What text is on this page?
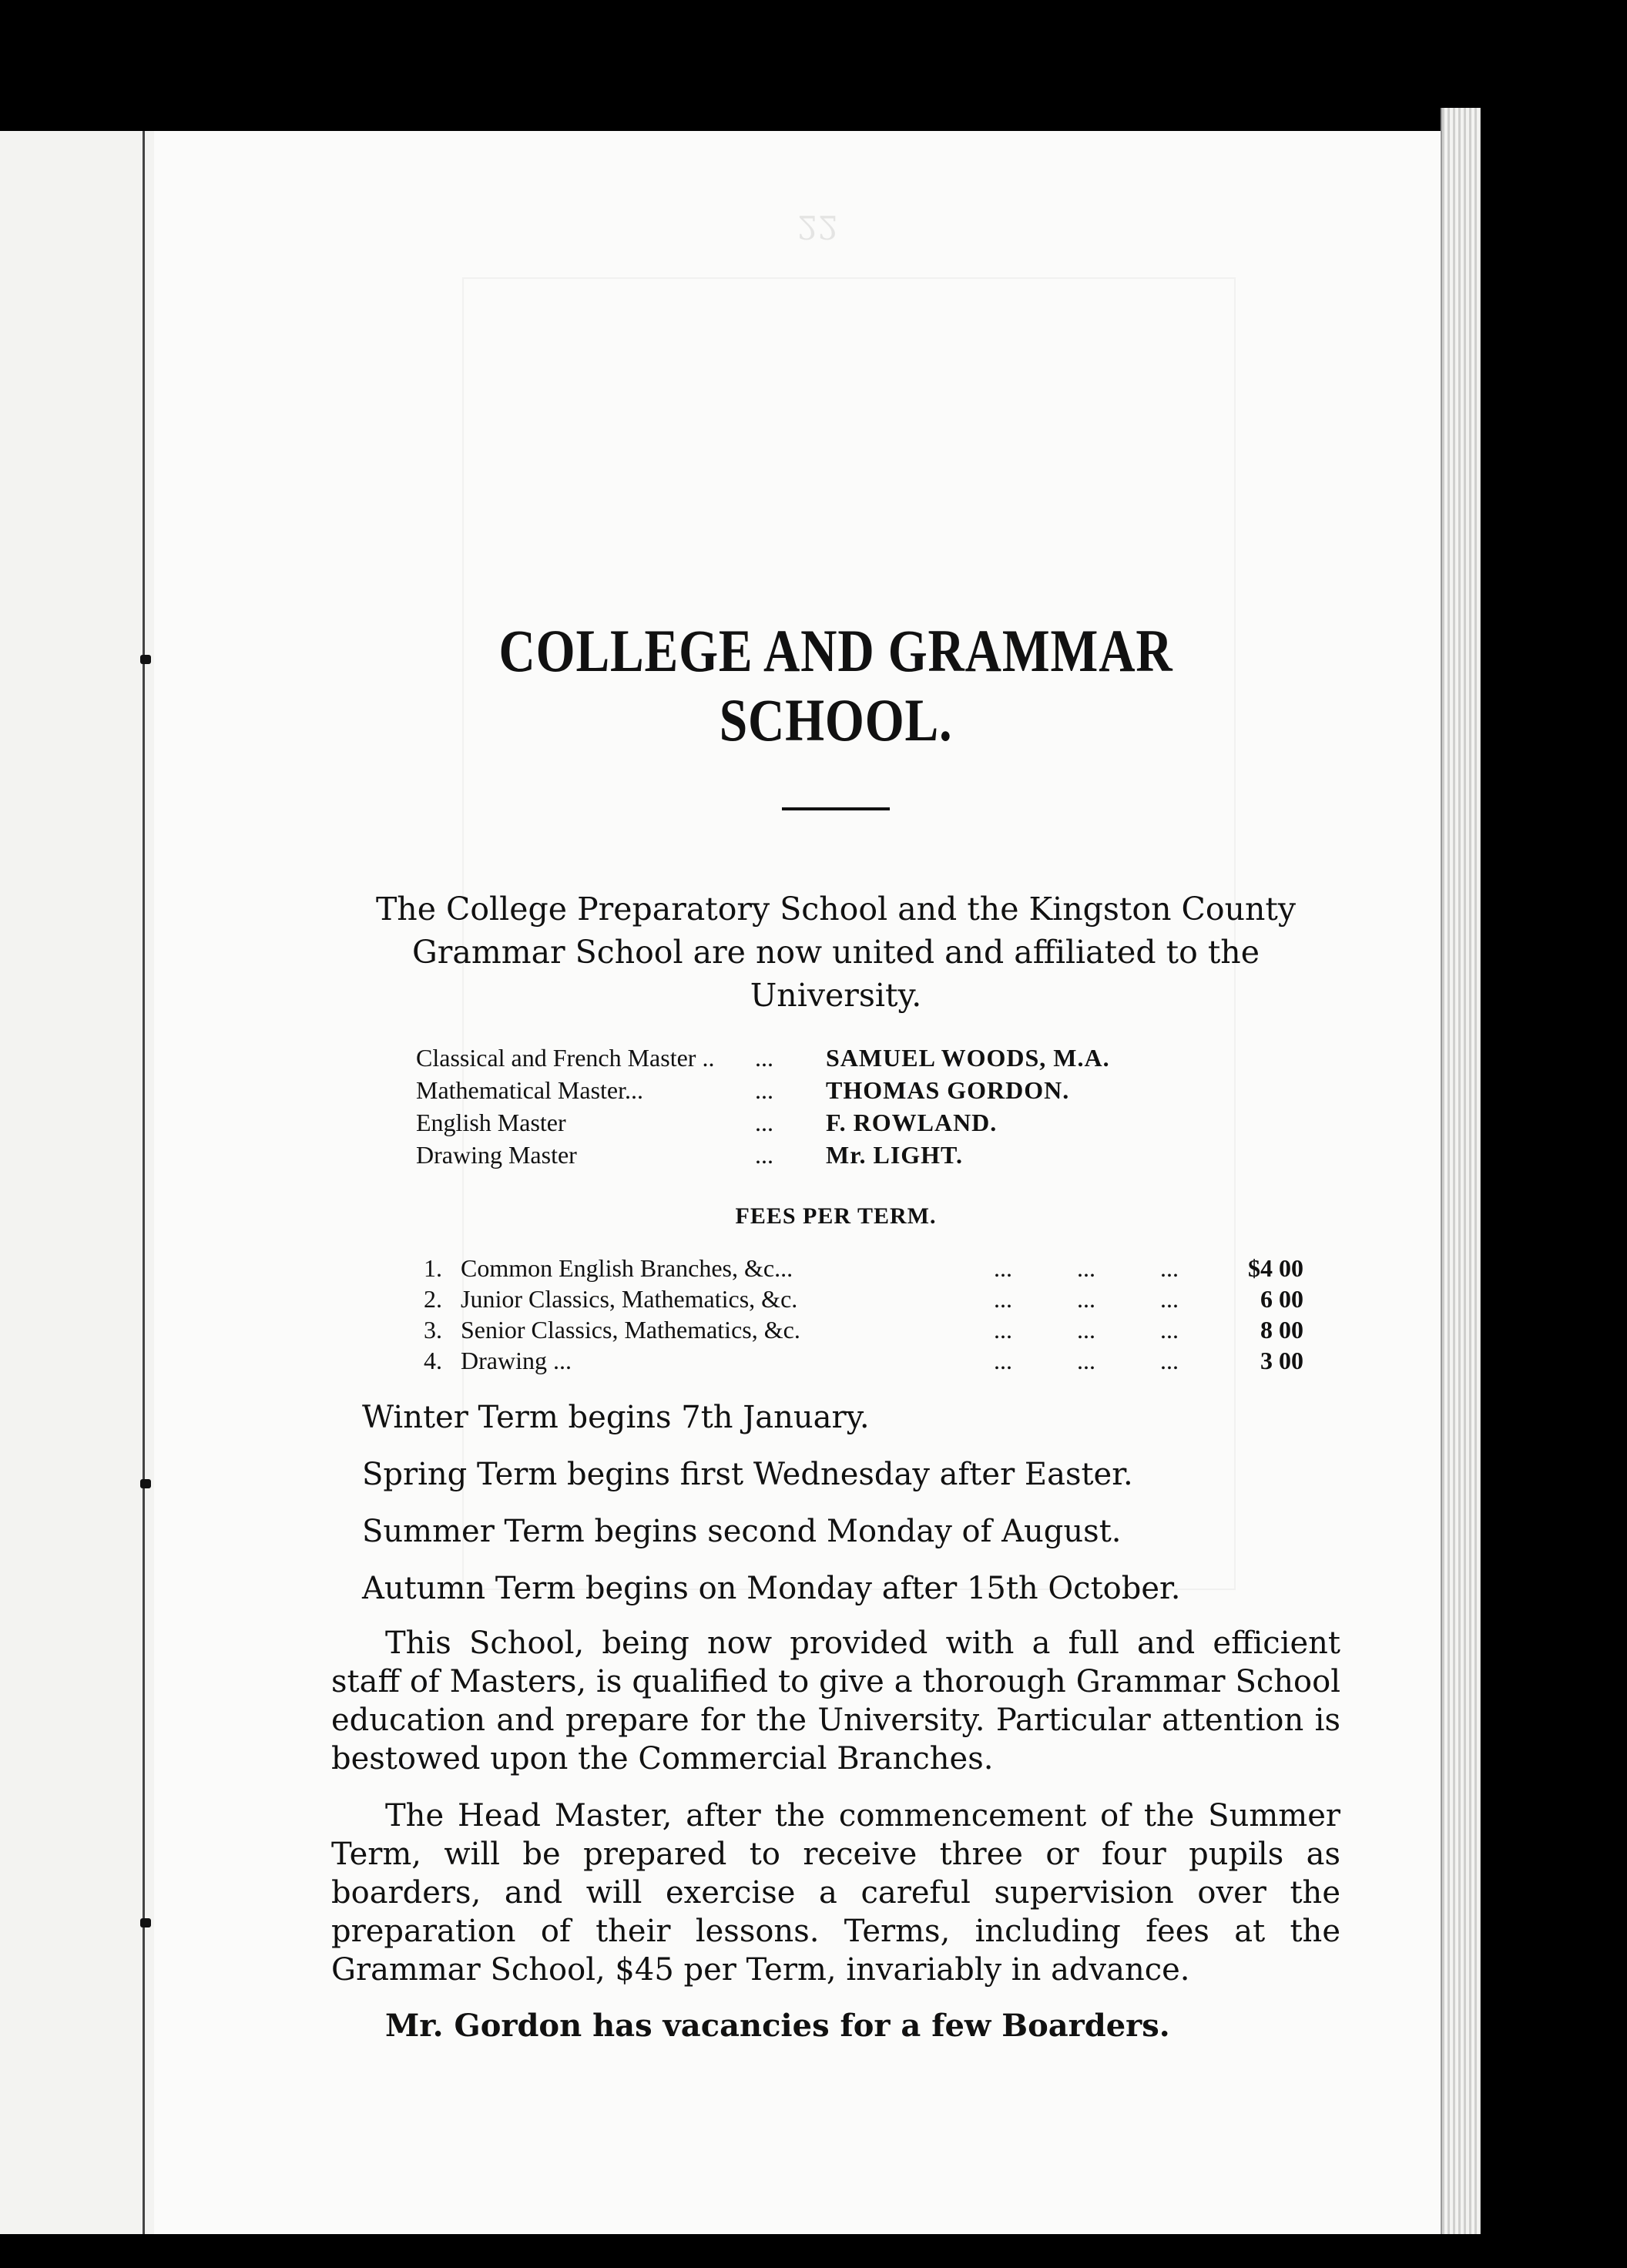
22
COLLEGE AND GRAMMAR SCHOOL.

The College Preparatory School and the Kingston County Grammar School are now united and affiliated to the University.

Classical and French Master ..	...	SAMUEL WOODS, M.A.
Mathematical Master...	...	THOMAS GORDON.
English Master	...	F. ROWLAND.
Drawing Master	...	Mr. LIGHT.
FEES PER TERM.
1.	Common English Branches, &c...	...	...	...	$4 00
2.	Junior Classics, Mathematics, &c.	...	...	...	6 00
3.	Senior Classics, Mathematics, &c.	...	...	...	8 00
4.	Drawing ...	...	...	...	3 00

Winter Term begins 7th January.

Spring Term begins first Wednesday after Easter.

Summer Term begins second Monday of August.

Autumn Term begins on Monday after 15th October.

This School, being now provided with a full and efficient staff of Masters, is qualified to give a thorough Grammar School education and prepare for the University. Particular attention is bestowed upon the Commercial Branches.

The Head Master, after the commencement of the Summer Term, will be prepared to receive three or four pupils as boarders, and will exercise a careful supervision over the preparation of their lessons. Terms, including fees at the Grammar School, $45 per Term, invariably in advance.

Mr. Gordon has vacancies for a few Boarders.
